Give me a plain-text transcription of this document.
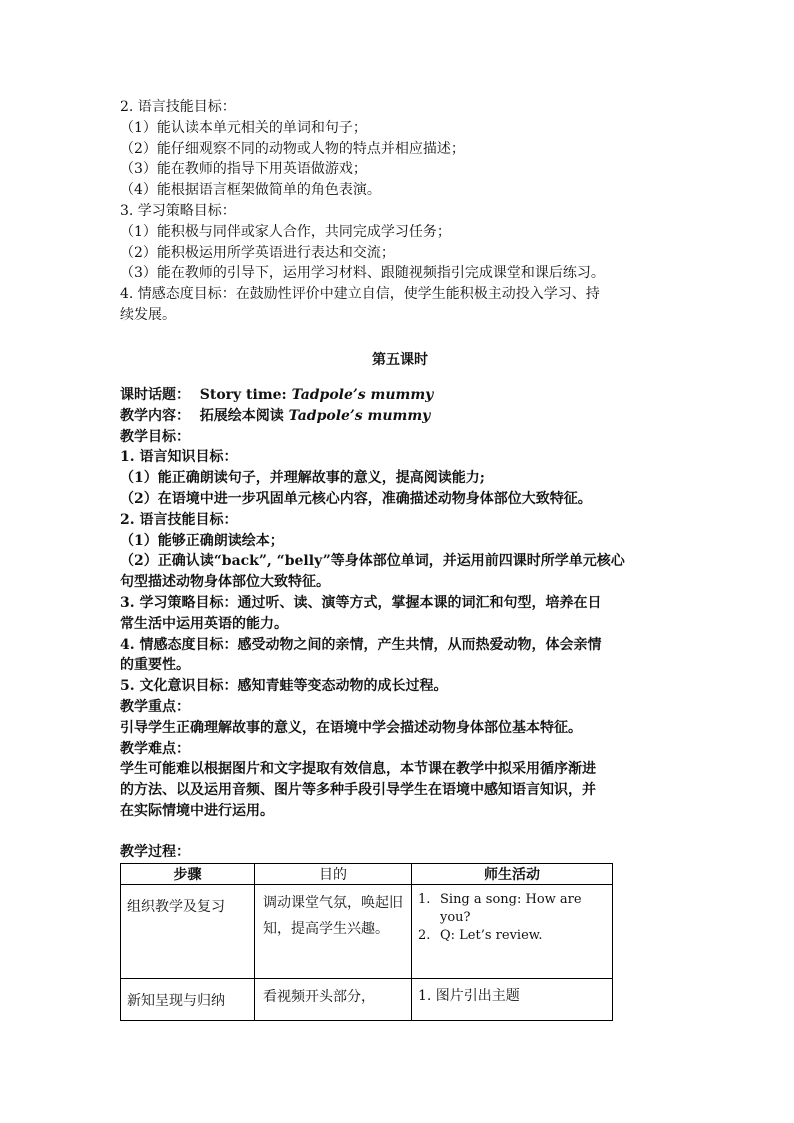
2. 语言技能目标：
（1）能认读本单元相关的单词和句子；
（2）能仔细观察不同的动物或人物的特点并相应描述；
（3）能在教师的指导下用英语做游戏；
（4）能根据语言框架做简单的角色表演。
3. 学习策略目标：
（1）能积极与同伴或家人合作，共同完成学习任务；
（2）能积极运用所学英语进行表达和交流；
（3）能在教师的引导下，运用学习材料、跟随视频指引完成课堂和课后练习。
4. 情感态度目标：在鼓励性评价中建立自信，使学生能积极主动投入学习、持
续发展。
第五课时
课时话题： Story time: Tadpole’s mummy
教学内容： 拓展绘本阅读 Tadpole’s mummy
教学目标：
1. 语言知识目标：
（1）能正确朗读句子，并理解故事的意义，提高阅读能力;
（2）在语境中进一步巩固单元核心内容，准确描述动物身体部位大致特征。
2. 语言技能目标：
（1）能够正确朗读绘本；
（2）正确认读“back”, “belly”等身体部位单词，并运用前四课时所学单元核心
句型描述动物身体部位大致特征。
3. 学习策略目标：通过听、读、演等方式，掌握本课的词汇和句型，培养在日
常生活中运用英语的能力。
4. 情感态度目标：感受动物之间的亲情，产生共情，从而热爱动物，体会亲情
的重要性。
5. 文化意识目标：感知青蛙等变态动物的成长过程。
教学重点：
引导学生正确理解故事的意义，在语境中学会描述动物身体部位基本特征。
教学难点：
学生可能难以根据图片和文字提取有效信息，本节课在教学中拟采用循序渐进
的方法、以及运用音频、图片等多种手段引导学生在语境中感知语言知识，并
在实际情境中进行运用。
教学过程：
步骤	目的	师生活动
组织教学及复习	调动课堂气氛，唤起旧知，提高学生兴趣。	1. Sing a song: How are you?
2. Q: Let’s review.

新知呈现与归纳	看视频开头部分，	1. 图片引出主题
